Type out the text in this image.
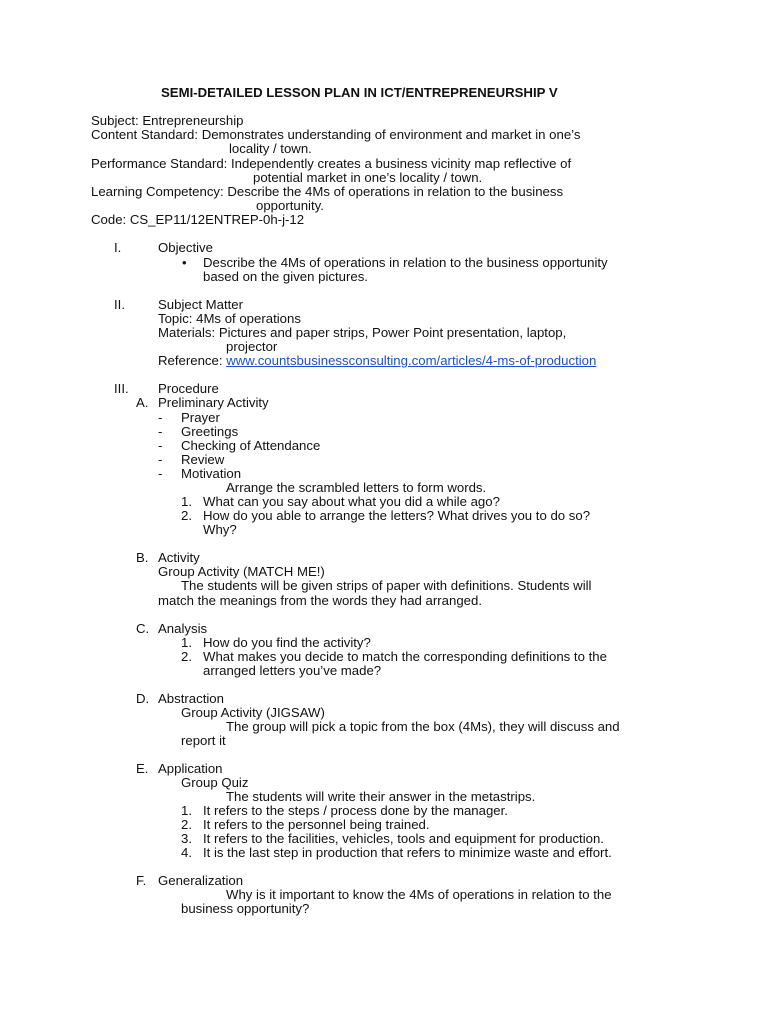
SEMI-DETAILED LESSON PLAN IN ICT/ENTREPRENEURSHIP V
Subject: Entrepreneurship
Content Standard: Demonstrates understanding of environment and market in one’s
locality / town.
Performance Standard: Independently creates a business vicinity map reflective of
potential market in one’s locality / town.
Learning Competency: Describe the 4Ms of operations in relation to the business
opportunity.
Code: CS_EP11/12ENTREP-0h-j-12
I.	Objective
• Describe the 4Ms of operations in relation to the business opportunity
based on the given pictures.
II.	Subject Matter
Topic: 4Ms of operations
Materials: Pictures and paper strips, Power Point presentation, laptop,
projector
Reference: www.countsbusinessconsulting.com/articles/4-ms-of-production
III. Procedure
A. Preliminary Activity
- Prayer
- Greetings
- Checking of Attendance
- Review
- Motivation
Arrange the scrambled letters to form words.
1. What can you say about what you did a while ago?
2. How do you able to arrange the letters? What drives you to do so?
Why?
B. Activity
Group Activity (MATCH ME!)
The students will be given strips of paper with definitions. Students will
match the meanings from the words they had arranged.
C. Analysis
1. How do you find the activity?
2. What makes you decide to match the corresponding definitions to the
arranged letters you’ve made?
D. Abstraction
Group Activity (JIGSAW)
The group will pick a topic from the box (4Ms), they will discuss and
report it
E. Application
Group Quiz
The students will write their answer in the metastrips.
1. It refers to the steps / process done by the manager.
2. It refers to the personnel being trained.
3. It refers to the facilities, vehicles, tools and equipment for production.
4. It is the last step in production that refers to minimize waste and effort.
F. Generalization
Why is it important to know the 4Ms of operations in relation to the
business opportunity?
